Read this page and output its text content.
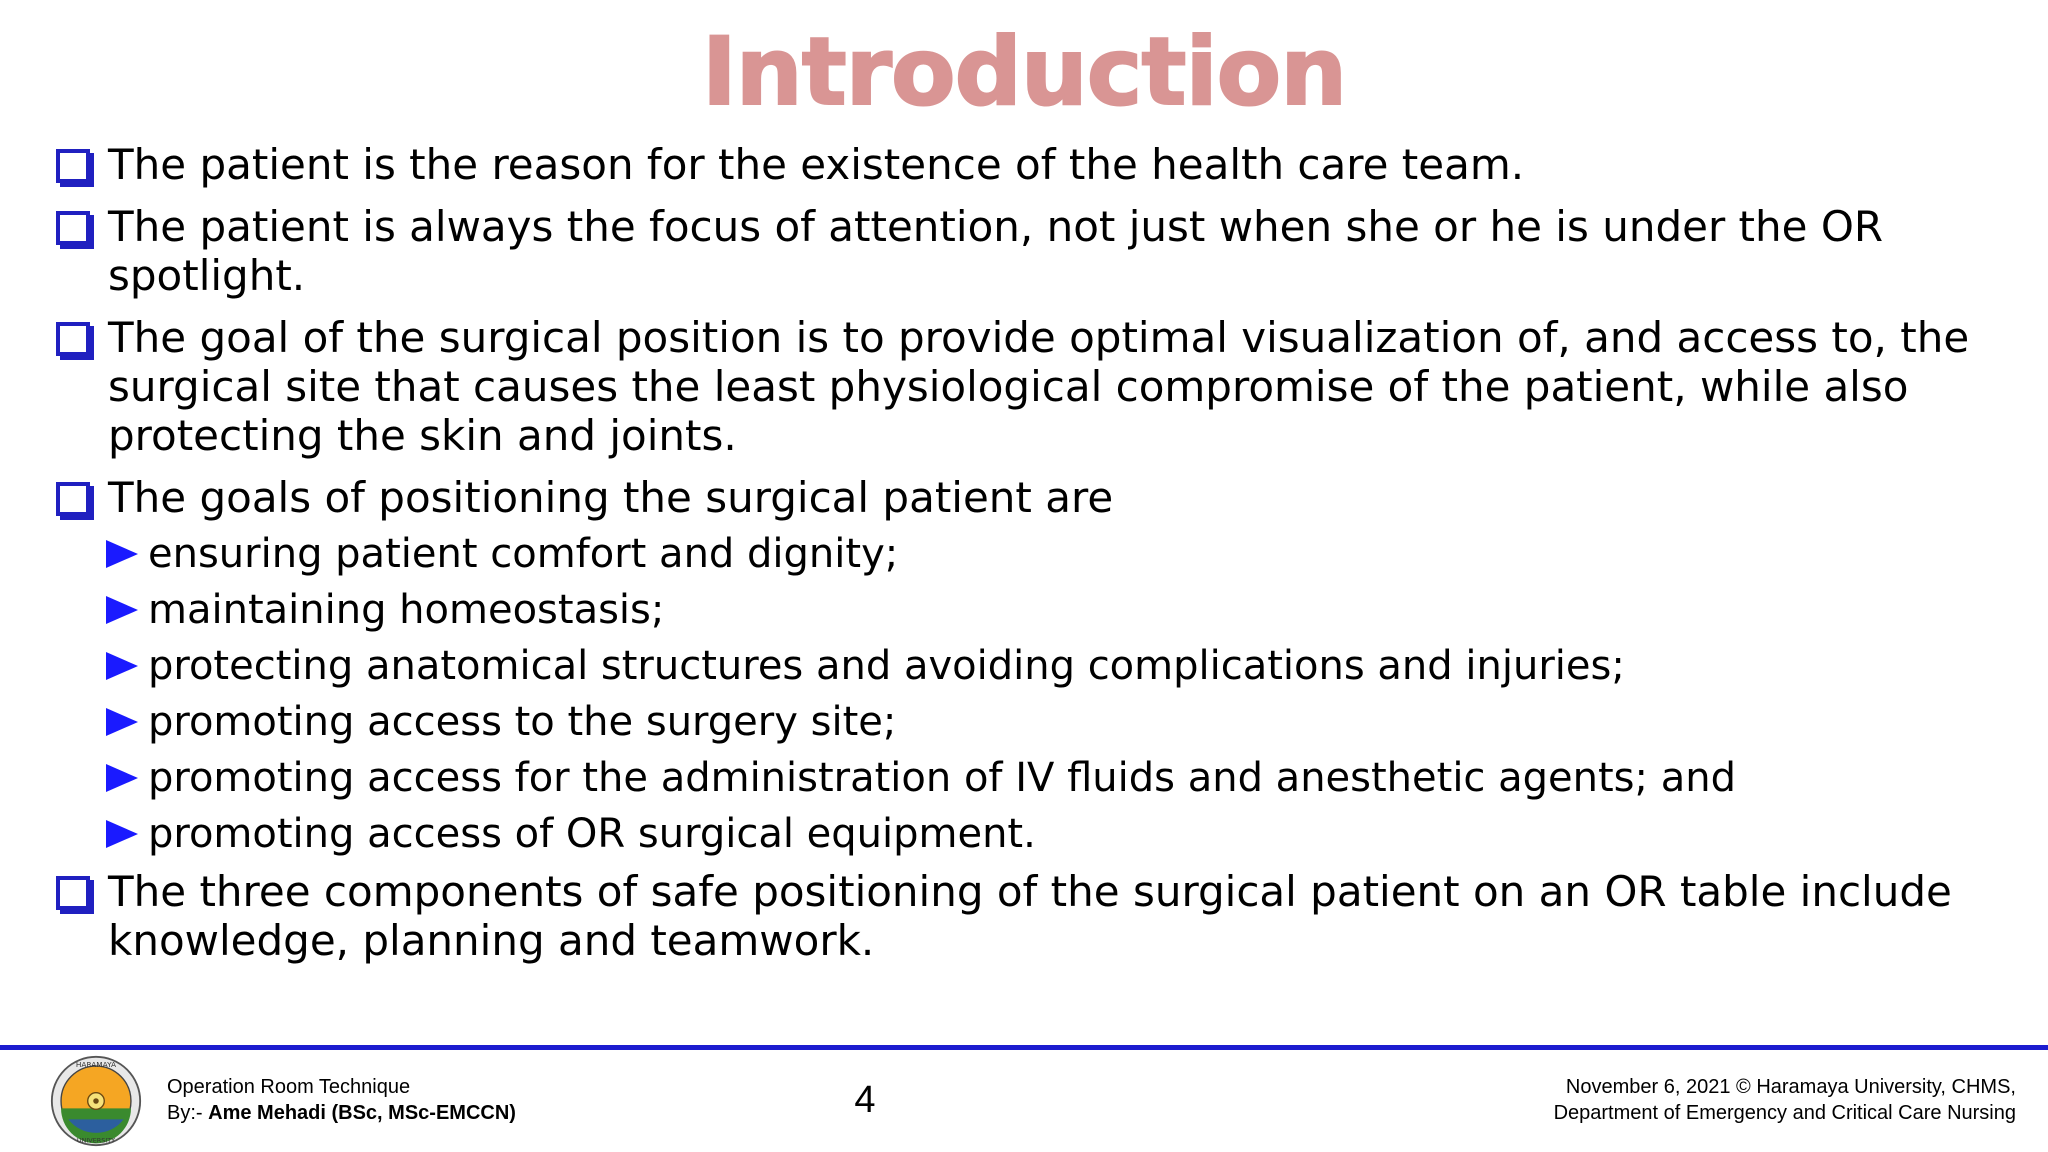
Introduction
The patient is the reason for the existence of the health care team.
The patient is always the focus of attention, not just when she or he is under the OR spotlight.
The goal of the surgical position is to provide optimal visualization of, and access to, the surgical site that causes the least physiological compromise of the patient, while also protecting the skin and joints.
The goals of positioning the surgical patient are
ensuring patient comfort and dignity;
maintaining homeostasis;
protecting anatomical structures and avoiding complications and injuries;
promoting access to the surgery site;
promoting access for the administration of IV fluids and anesthetic agents; and
promoting access of OR surgical equipment.
The three components of safe positioning of the surgical patient on an OR table include knowledge, planning and teamwork.
HARAMAYA
UNIVERSITY
Operation Room Technique
By:- Ame Mehadi (BSc, MSc-EMCCN)	4	November 6, 2021 © Haramaya University, CHMS,
Department of Emergency and Critical Care Nursing
